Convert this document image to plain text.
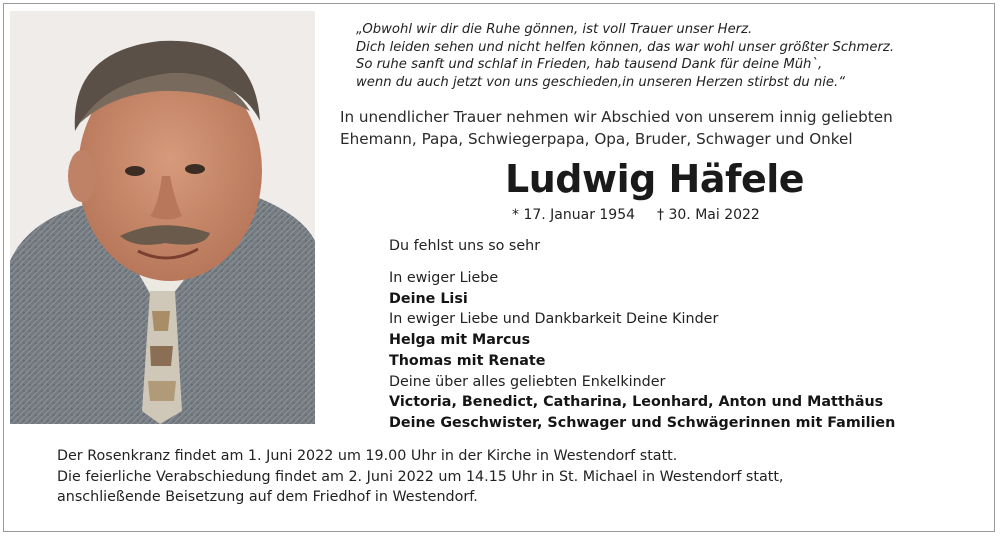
„Obwohl wir dir die Ruhe gönnen, ist voll Trauer unser Herz.
Dich leiden sehen und nicht helfen können, das war wohl unser größter Schmerz.
So ruhe sanft und schlaf in Frieden, hab tausend Dank für deine Müh`,
wenn du auch jetzt von uns geschieden,in unseren Herzen stirbst du nie.“
In unendlicher Trauer nehmen wir Abschied von unserem innig geliebten
Ehemann, Papa, Schwiegerpapa, Opa, Bruder, Schwager und Onkel
Ludwig Häfele
* 17. Januar 1954 † 30. Mai 2022
Du fehlst uns so sehr
In ewiger Liebe
Deine Lisi
In ewiger Liebe und Dankbarkeit Deine Kinder
Helga mit Marcus
Thomas mit Renate
Deine über alles geliebten Enkelkinder
Victoria, Benedict, Catharina, Leonhard, Anton und Matthäus
Deine Geschwister, Schwager und Schwägerinnen mit Familien
Der Rosenkranz findet am 1. Juni 2022 um 19.00 Uhr in der Kirche in Westendorf statt.
Die feierliche Verabschiedung findet am 2. Juni 2022 um 14.15 Uhr in St. Michael in Westendorf statt,
anschließende Beisetzung auf dem Friedhof in Westendorf.
